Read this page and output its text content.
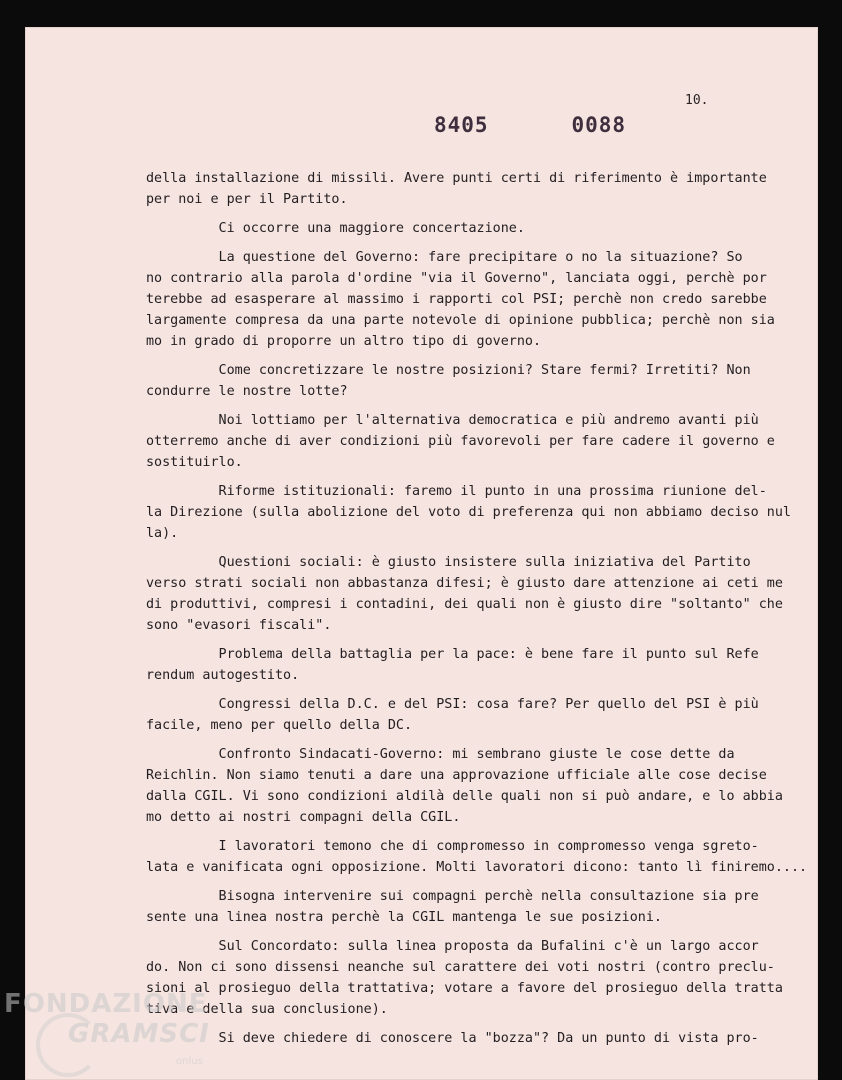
10.
8405   0088
della installazione di missili. Avere punti certi di riferimento è importante
per noi e per il Partito.
Ci occorre una maggiore concertazione.
La questione del Governo: fare precipitare o no la situazione? So
no contrario alla parola d'ordine "via il Governo", lanciata oggi, perchè por
terebbe ad esasperare al massimo i rapporti col PSI; perchè non credo sarebbe
largamente compresa da una parte notevole di opinione pubblica; perchè non sia
mo in grado di proporre un altro tipo di governo.
Come concretizzare le nostre posizioni? Stare fermi? Irretiti? Non
condurre le nostre lotte?
Noi lottiamo per l'alternativa democratica e più andremo avanti più
otterremo anche di aver condizioni più favorevoli per fare cadere il governo e
sostituirlo.
Riforme istituzionali: faremo il punto in una prossima riunione del-
la Direzione (sulla abolizione del voto di preferenza qui non abbiamo deciso nul
la).
Questioni sociali: è giusto insistere sulla iniziativa del Partito
verso strati sociali non abbastanza difesi; è giusto dare attenzione ai ceti me
di produttivi, compresi i contadini, dei quali non è giusto dire "soltanto" che
sono "evasori fiscali".
Problema della battaglia per la pace: è bene fare il punto sul Refe
rendum autogestito.
Congressi della D.C. e del PSI: cosa fare? Per quello del PSI è più
facile, meno per quello della DC.
Confronto Sindacati-Governo: mi sembrano giuste le cose dette da
Reichlin. Non siamo tenuti a dare una approvazione ufficiale alle cose decise
dalla CGIL. Vi sono condizioni aldilà delle quali non si può andare, e lo abbia
mo detto ai nostri compagni della CGIL.
I lavoratori temono che di compromesso in compromesso venga sgreto-
lata e vanificata ogni opposizione. Molti lavoratori dicono: tanto lì finiremo....
Bisogna intervenire sui compagni perchè nella consultazione sia pre
sente una linea nostra perchè la CGIL mantenga le sue posizioni.
Sul Concordato: sulla linea proposta da Bufalini c'è un largo accor
do. Non ci sono dissensi neanche sul carattere dei voti nostri (contro preclu-
sioni al prosieguo della trattativa; votare a favore del prosieguo della tratta
tiva e della sua conclusione).
Si deve chiedere di conoscere la "bozza"? Da un punto di vista pro-
FONDAZIONE
GRAMSCI
onlus
